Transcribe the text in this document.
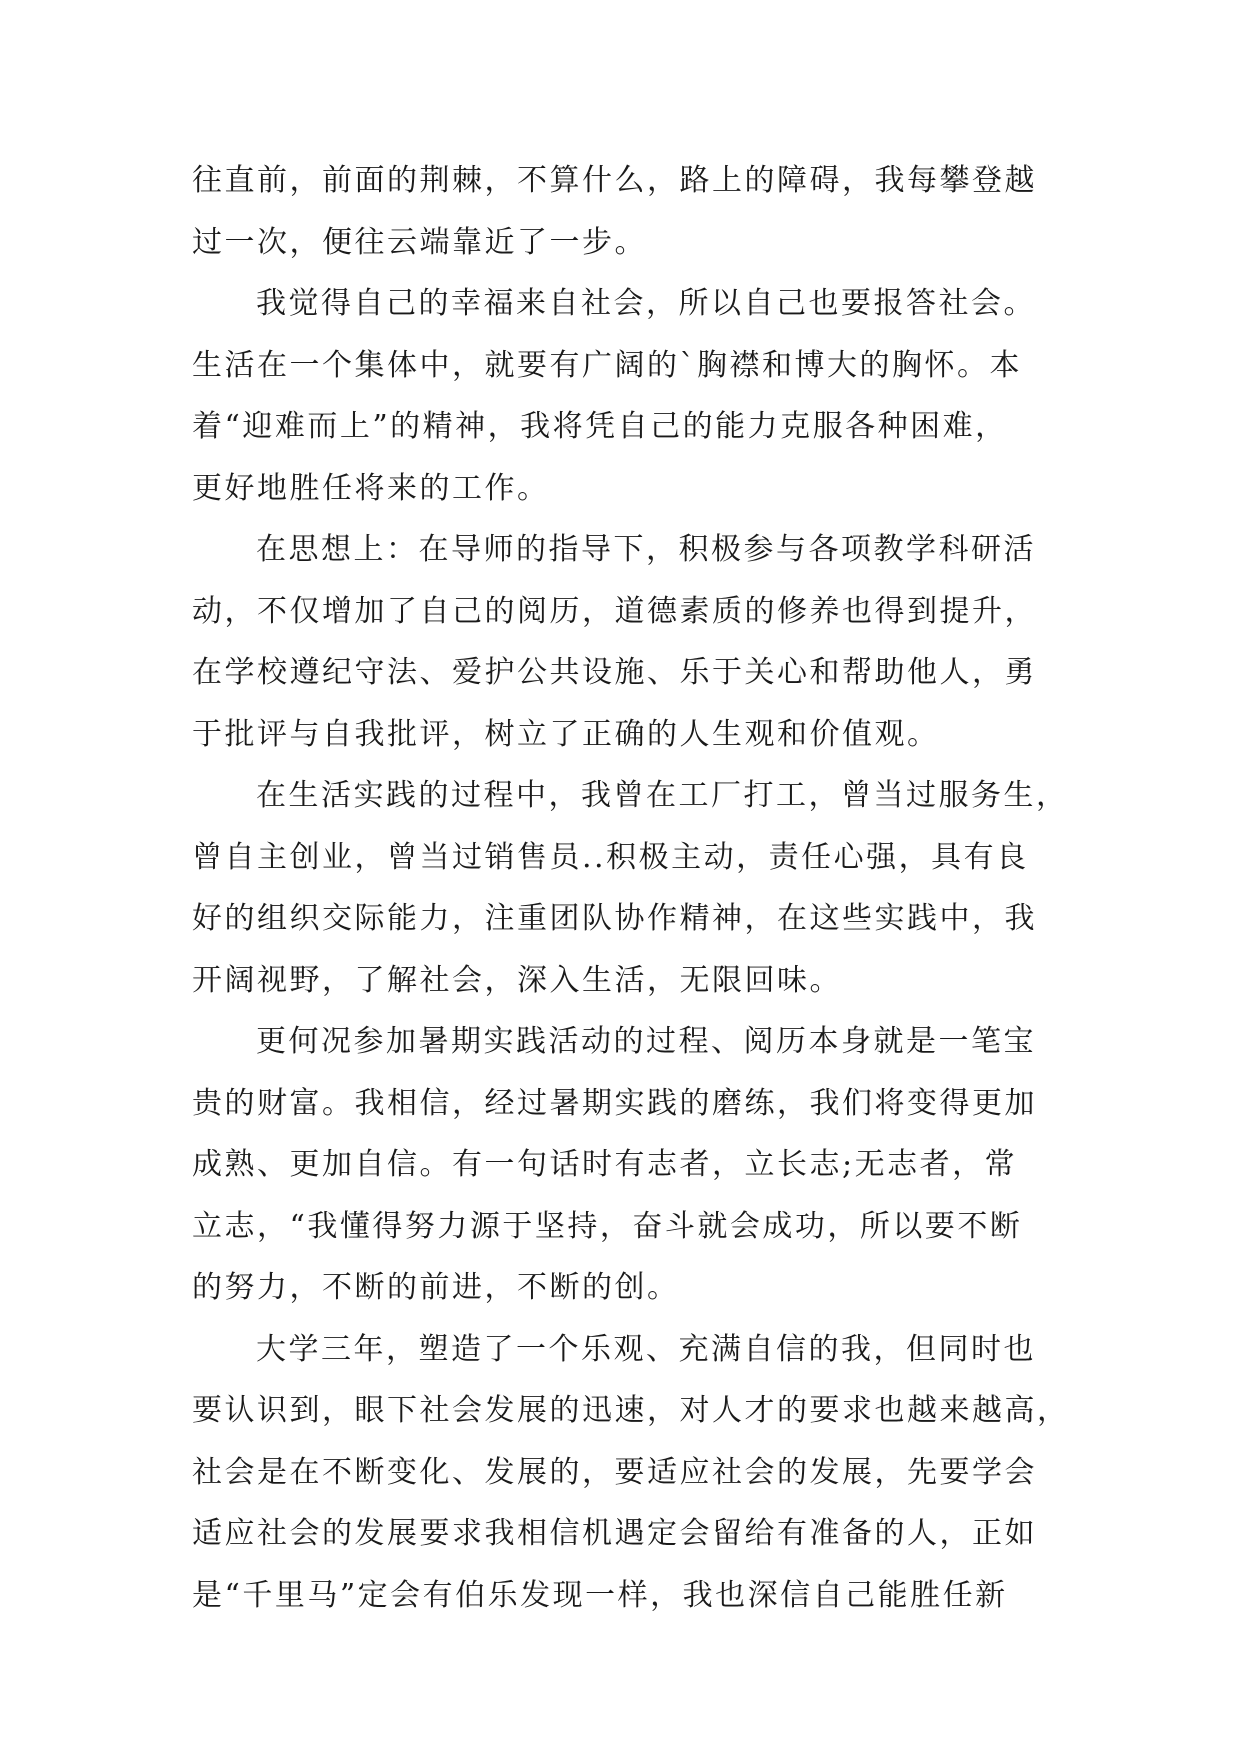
往直前，前面的荆棘，不算什么，路上的障碍，我每攀登越
过一次，便往云端靠近了一步。
我觉得自己的幸福来自社会，所以自己也要报答社会。
生活在一个集体中，就要有广阔的`胸襟和博大的胸怀。本
着“迎难而上”的精神，我将凭自己的能力克服各种困难，
更好地胜任将来的工作。
在思想上：在导师的指导下，积极参与各项教学科研活
动，不仅增加了自己的阅历，道德素质的修养也得到提升，
在学校遵纪守法、爱护公共设施、乐于关心和帮助他人，勇
于批评与自我批评，树立了正确的人生观和价值观。
在生活实践的过程中，我曾在工厂打工，曾当过服务生，
曾自主创业，曾当过销售员..积极主动，责任心强，具有良
好的组织交际能力，注重团队协作精神，在这些实践中，我
开阔视野，了解社会，深入生活，无限回味。
更何况参加暑期实践活动的过程、阅历本身就是一笔宝
贵的财富。我相信，经过暑期实践的磨练，我们将变得更加
成熟、更加自信。有一句话时有志者，立长志;无志者，常
立志，“我懂得努力源于坚持，奋斗就会成功，所以要不断
的努力，不断的前进，不断的创。
大学三年，塑造了一个乐观、充满自信的我，但同时也
要认识到，眼下社会发展的迅速，对人才的要求也越来越高，
社会是在不断变化、发展的，要适应社会的发展，先要学会
适应社会的发展要求我相信机遇定会留给有准备的人，正如
是“千里马”定会有伯乐发现一样，我也深信自己能胜任新
